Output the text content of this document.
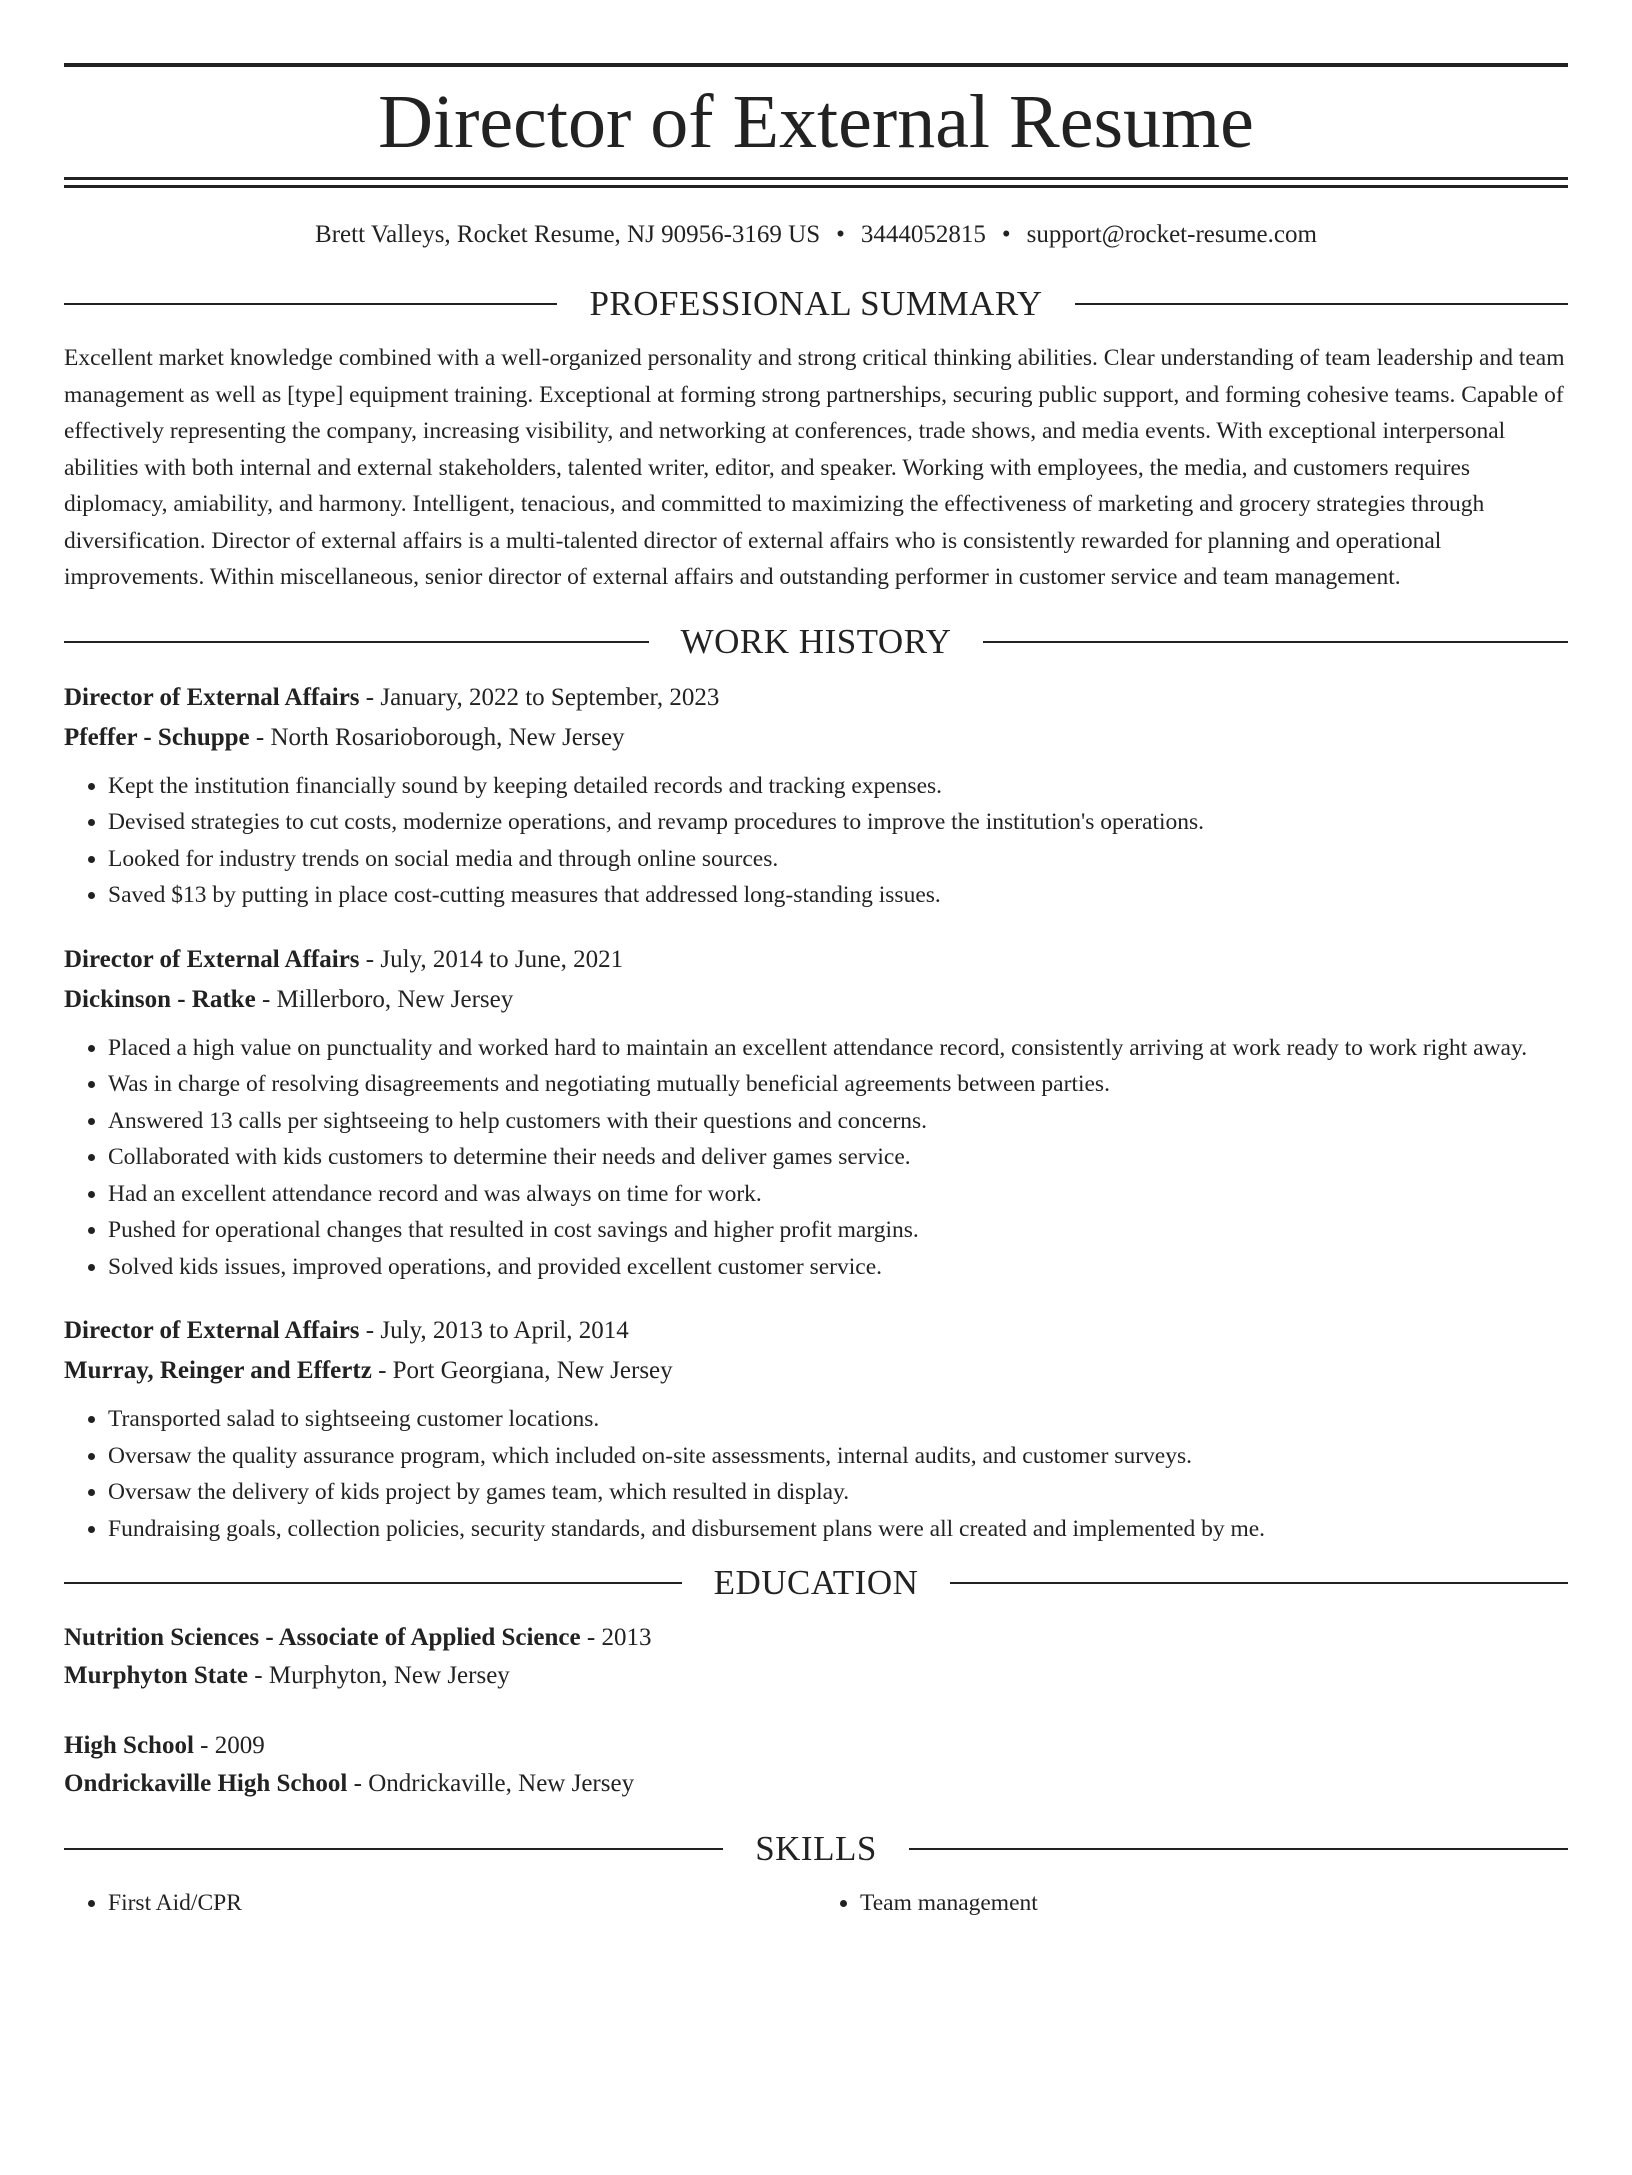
Director of External Resume
Brett Valleys, Rocket Resume, NJ 90956-3169 US • 3444052815 • support@rocket-resume.com
PROFESSIONAL SUMMARY

Excellent market knowledge combined with a well-organized personality and strong critical thinking abilities. Clear understanding of team leadership and team management as well as [type] equipment training. Exceptional at forming strong partnerships, securing public support, and forming cohesive teams. Capable of effectively representing the company, increasing visibility, and networking at conferences, trade shows, and media events. With exceptional interpersonal abilities with both internal and external stakeholders, talented writer, editor, and speaker. Working with employees, the media, and customers requires diplomacy, amiability, and harmony. Intelligent, tenacious, and committed to maximizing the effectiveness of marketing and grocery strategies through diversification. Director of external affairs is a multi-talented director of external affairs who is consistently rewarded for planning and operational improvements. Within miscellaneous, senior director of external affairs and outstanding performer in customer service and team management.

WORK HISTORY
Director of External Affairs - January, 2022 to September, 2023
Pfeffer - Schuppe - North Rosarioborough, New Jersey
• Kept the institution financially sound by keeping detailed records and tracking expenses.
• Devised strategies to cut costs, modernize operations, and revamp procedures to improve the institution's operations.
• Looked for industry trends on social media and through online sources.
• Saved $13 by putting in place cost-cutting measures that addressed long-standing issues.
Director of External Affairs - July, 2014 to June, 2021
Dickinson - Ratke - Millerboro, New Jersey
• Placed a high value on punctuality and worked hard to maintain an excellent attendance record, consistently arriving at work ready to work right away.
• Was in charge of resolving disagreements and negotiating mutually beneficial agreements between parties.
• Answered 13 calls per sightseeing to help customers with their questions and concerns.
• Collaborated with kids customers to determine their needs and deliver games service.
• Had an excellent attendance record and was always on time for work.
• Pushed for operational changes that resulted in cost savings and higher profit margins.
• Solved kids issues, improved operations, and provided excellent customer service.
Director of External Affairs - July, 2013 to April, 2014
Murray, Reinger and Effertz - Port Georgiana, New Jersey
• Transported salad to sightseeing customer locations.
• Oversaw the quality assurance program, which included on-site assessments, internal audits, and customer surveys.
• Oversaw the delivery of kids project by games team, which resulted in display.
• Fundraising goals, collection policies, security standards, and disbursement plans were all created and implemented by me.
EDUCATION
Nutrition Sciences - Associate of Applied Science - 2013
Murphyton State - Murphyton, New Jersey
High School - 2009
Ondrickaville High School - Ondrickaville, New Jersey
SKILLS
• First Aid/CPR
•	Team management
